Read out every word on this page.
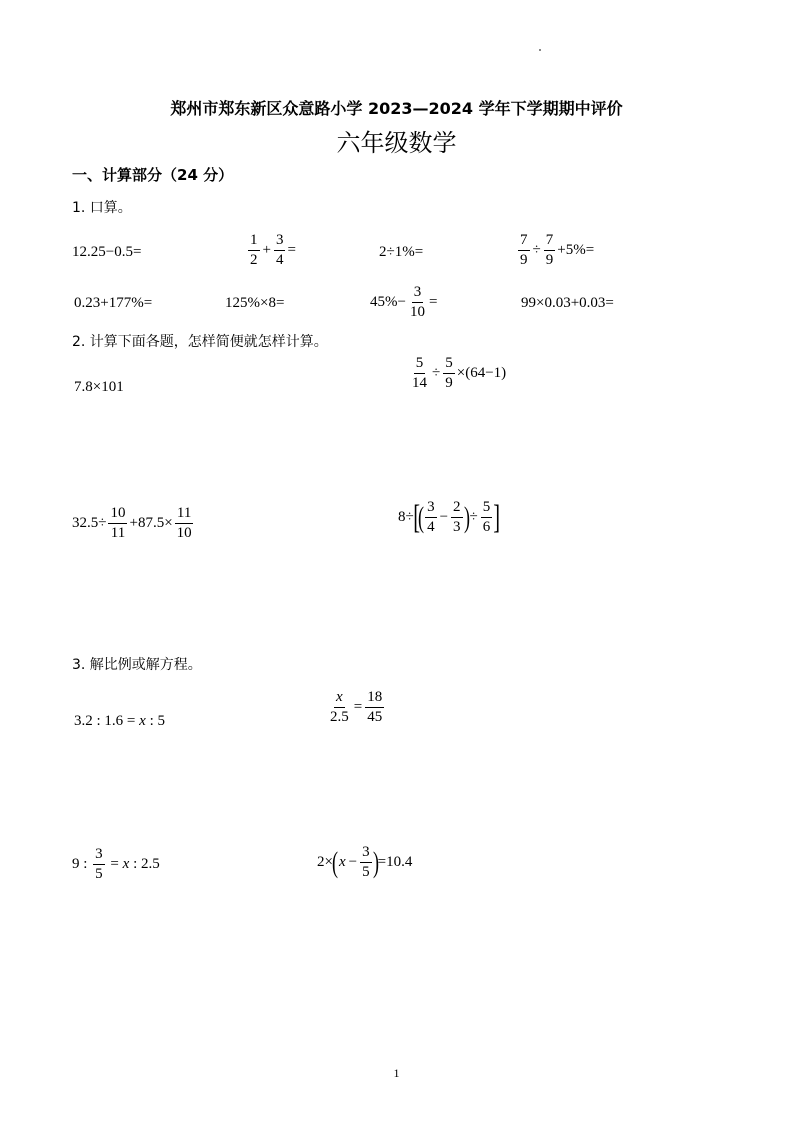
郑州市郑东新区众意路小学 2023—2024 学年下学期期中评价
六年级数学
一、计算部分（24 分）
1. 口算。
12.25−0.5=	$\frac{1}{2} + \frac{3}{4}$ =	2÷1%=	$\frac{7}{9} \div \frac{7}{9} +5\%=$
0.23+177%=	125%×8=	$45\%- \frac{3}{10}$ =	99×0.03+0.03=
2. 计算下面各题，怎样简便就怎样计算。
7.8×101	$\frac{5}{14} \div \frac{5}{9} \times(64-1)$
$32.5\div \frac{10}{11} +87.5\times \frac{11}{10}$	8÷ [
( $\frac{3}{4} - \frac{2}{3}$ ) ÷ $\frac{5}{6}$ ]
3. 解比例或解方程。
3.2 : 1.6 = x : 5	$\frac{x}{2.5} = \frac{18}{45}$
9 : $\frac{3}{5} = x$ : 2.5	2× ( $x - \frac{3}{5}$ ) =10.4
1
